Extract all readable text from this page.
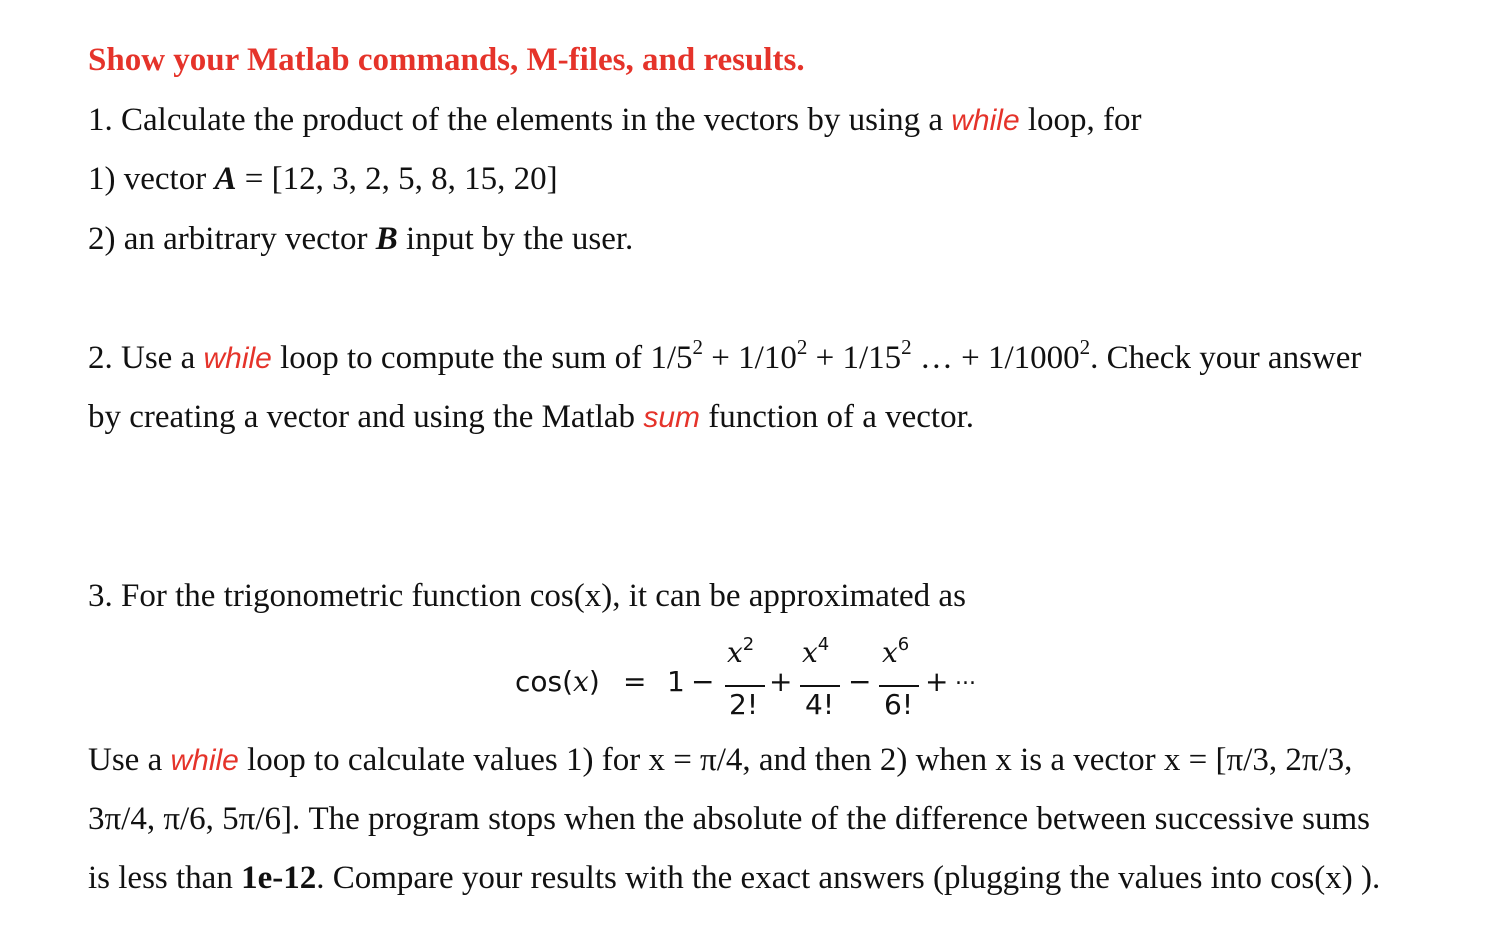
Show your Matlab commands, M-files, and results.

1. Calculate the product of the elements in the vectors by using a while loop, for

1) vector A = [12, 3, 2, 5, 8, 15, 20]

2) an arbitrary vector B input by the user.

2. Use a while loop to compute the sum of $1/5^2 + 1/10^2 + 1/15^2$ … + $1/1000^2$. Check your answer

by creating a vector and using the Matlab sum function of a vector.

3. For the trigonometric function cos(x), it can be approximated as

cos(x) = 1 −
$x^2$
2!
+
$x^4$
4!
−
$x^6$
6!
+ ...

Use a while loop to calculate values 1) for x = π/4, and then 2) when x is a vector x = [π/3, 2π/3,

3π/4, π/6, 5π/6]. The program stops when the absolute of the difference between successive sums

is less than 1e-12. Compare your results with the exact answers (plugging the values into cos(x) ).
